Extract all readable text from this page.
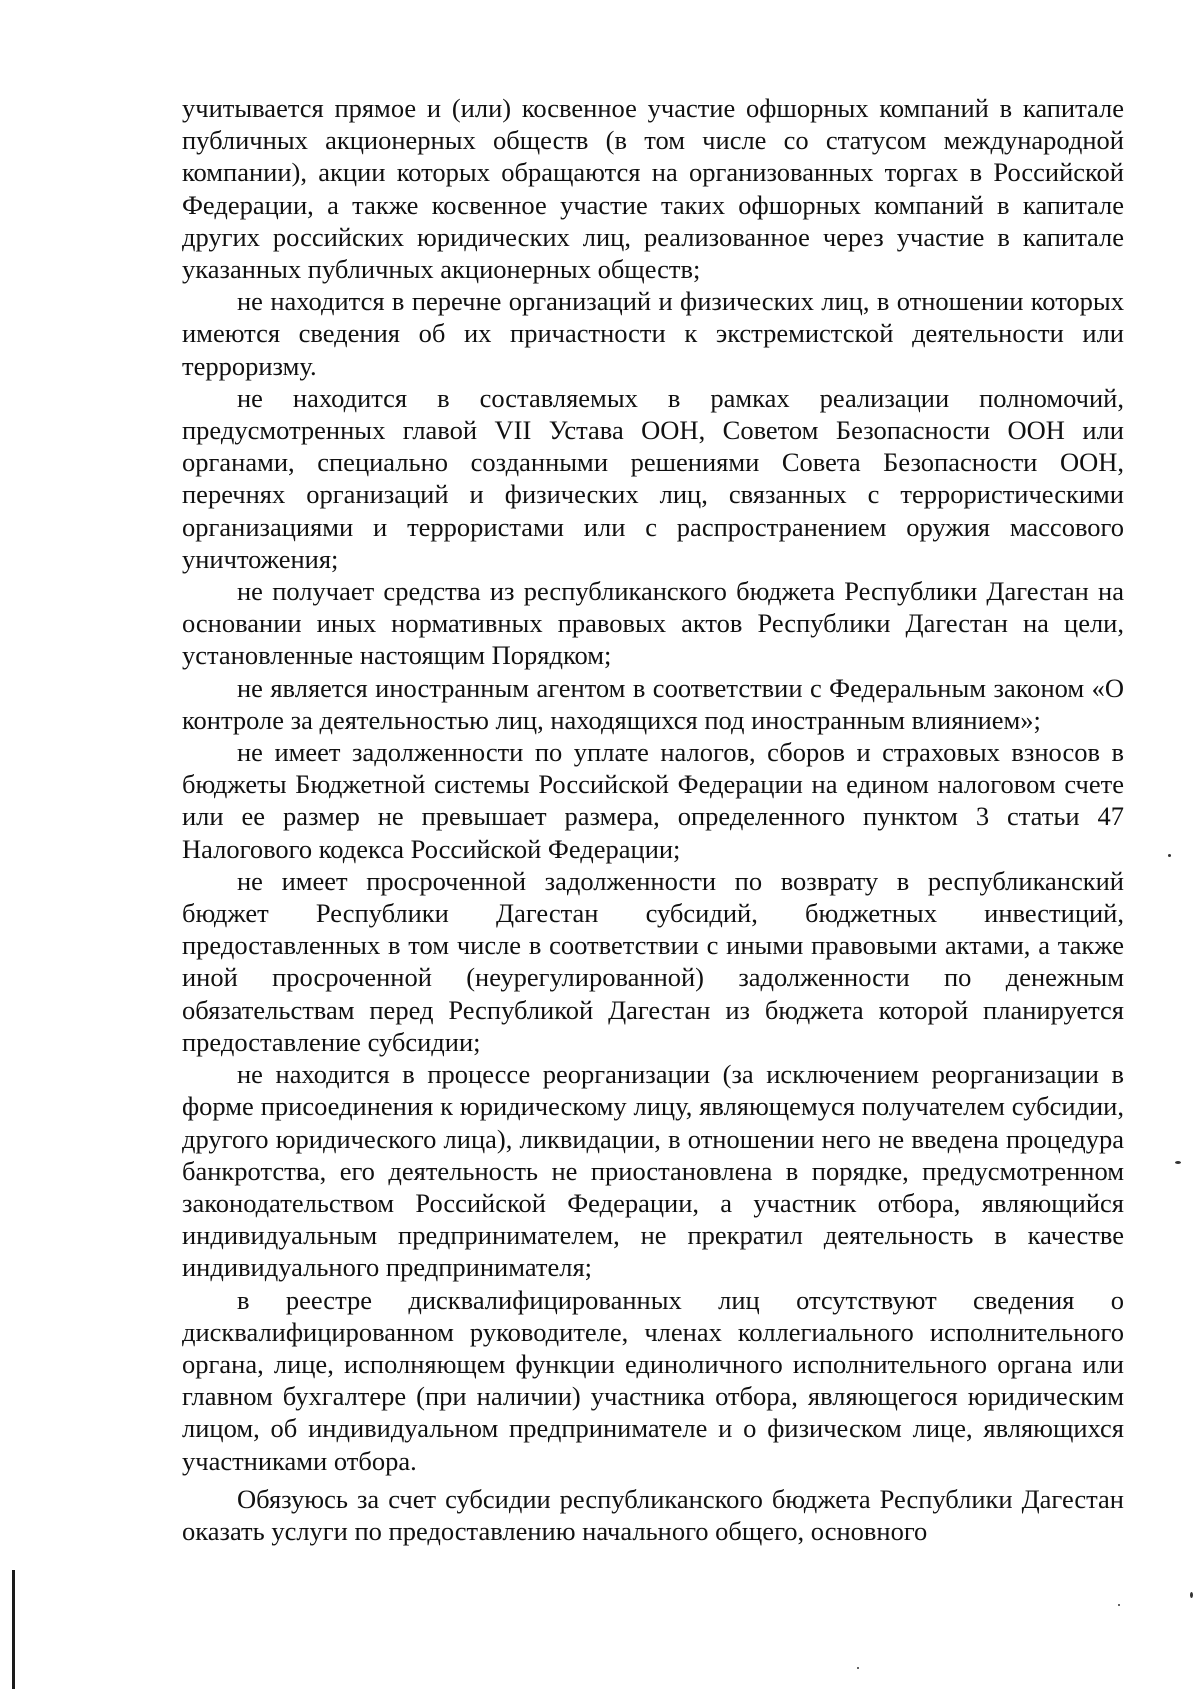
учитывается прямое и (или) косвенное участие офшорных компаний в капитале публичных акционерных обществ (в том числе со статусом международной компании), акции которых обращаются на организованных торгах в Российской Федерации, а также косвенное участие таких офшорных компаний в капитале других российских юридических лиц, реализованное через участие в капитале указанных публичных акционерных обществ;

не находится в перечне организаций и физических лиц, в отношении которых имеются сведения об их причастности к экстремистской деятельности или терроризму.

не находится в составляемых в рамках реализации полномочий, предусмотренных главой VII Устава ООН, Советом Безопасности ООН или органами, специально созданными решениями Совета Безопасности ООН, перечнях организаций и физических лиц, связанных с террористическими организациями и террористами или с распространением оружия массового уничтожения;

не получает средства из республиканского бюджета Республики Дагестан на основании иных нормативных правовых актов Республики Дагестан на цели, установленные настоящим Порядком;

не является иностранным агентом в соответствии с Федеральным законом «О контроле за деятельностью лиц, находящихся под иностранным влиянием»;

не имеет задолженности по уплате налогов, сборов и страховых взносов в бюджеты Бюджетной системы Российской Федерации на едином налоговом счете или ее размер не превышает размера, определенного пунктом 3 статьи 47 Налогового кодекса Российской Федерации;

не имеет просроченной задолженности по возврату в республиканский бюджет Республики Дагестан субсидий, бюджетных инвестиций, предоставленных в том числе в соответствии с иными правовыми актами, а также иной просроченной (неурегулированной) задолженности по денежным обязательствам перед Республикой Дагестан из бюджета которой планируется предоставление субсидии;

не находится в процессе реорганизации (за исключением реорганизации в форме присоединения к юридическому лицу, являющемуся получателем субсидии, другого юридического лица), ликвидации, в отношении него не введена процедура банкротства, его деятельность не приостановлена в порядке, предусмотренном законодательством Российской Федерации, а участник отбора, являющийся индивидуальным предпринимателем, не прекратил деятельность в качестве индивидуального предпринимателя;

в реестре дисквалифицированных лиц отсутствуют сведения о дисквалифицированном руководителе, членах коллегиального исполнительного органа, лице, исполняющем функции единоличного исполнительного органа или главном бухгалтере (при наличии) участника отбора, являющегося юридическим лицом, об индивидуальном предпринимателе и о физическом лице, являющихся участниками отбора.

Обязуюсь за счет субсидии республиканского бюджета Республики Дагестан оказать услуги по предоставлению начального общего, основного
